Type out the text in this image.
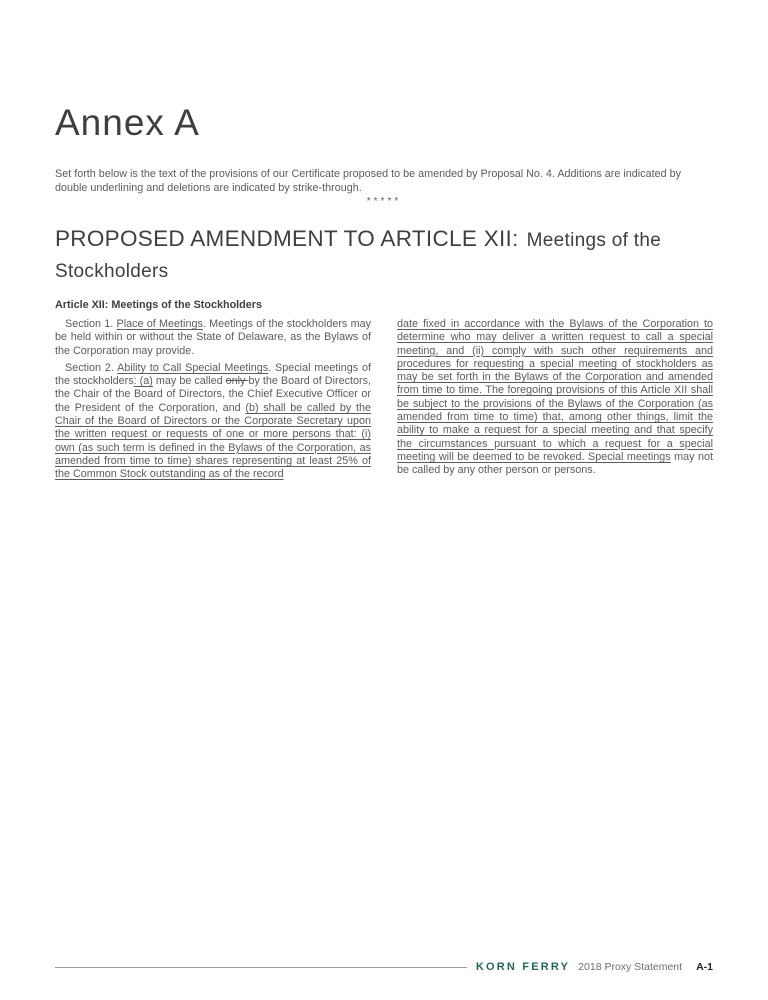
Annex A

Set forth below is the text of the provisions of our Certificate proposed to be amended by Proposal No. 4. Additions are indicated by double underlining and deletions are indicated by strike-through.

*****
PROPOSED AMENDMENT TO ARTICLE XII: Meetings of the Stockholders
Article XII: Meetings of the Stockholders

Section 1. Place of Meetings. Meetings of the stockholders may be held within or without the State of Delaware, as the Bylaws of the Corporation may provide.

Section 2. Ability to Call Special Meetings. Special meetings of the stockholders: (a) may be called only by the Board of Directors, the Chair of the Board of Directors, the Chief Executive Officer or the President of the Corporation, and (b) shall be called by the Chair of the Board of Directors or the Corporate Secretary upon the written request or requests of one or more persons that: (i) own (as such term is defined in the Bylaws of the Corporation, as amended from time to time) shares representing at least 25% of the Common Stock outstanding as of the record

date fixed in accordance with the Bylaws of the Corporation to determine who may deliver a written request to call a special meeting, and (ii) comply with such other requirements and procedures for requesting a special meeting of stockholders as may be set forth in the Bylaws of the Corporation and amended from time to time. The foregoing provisions of this Article XII shall be subject to the provisions of the Bylaws of the Corporation (as amended from time to time) that, among other things, limit the ability to make a request for a special meeting and that specify the circumstances pursuant to which a request for a special meeting will be deemed to be revoked. Special meetings may not be called by any other person or persons.

KORN FERRY 2018 Proxy Statement A-1
